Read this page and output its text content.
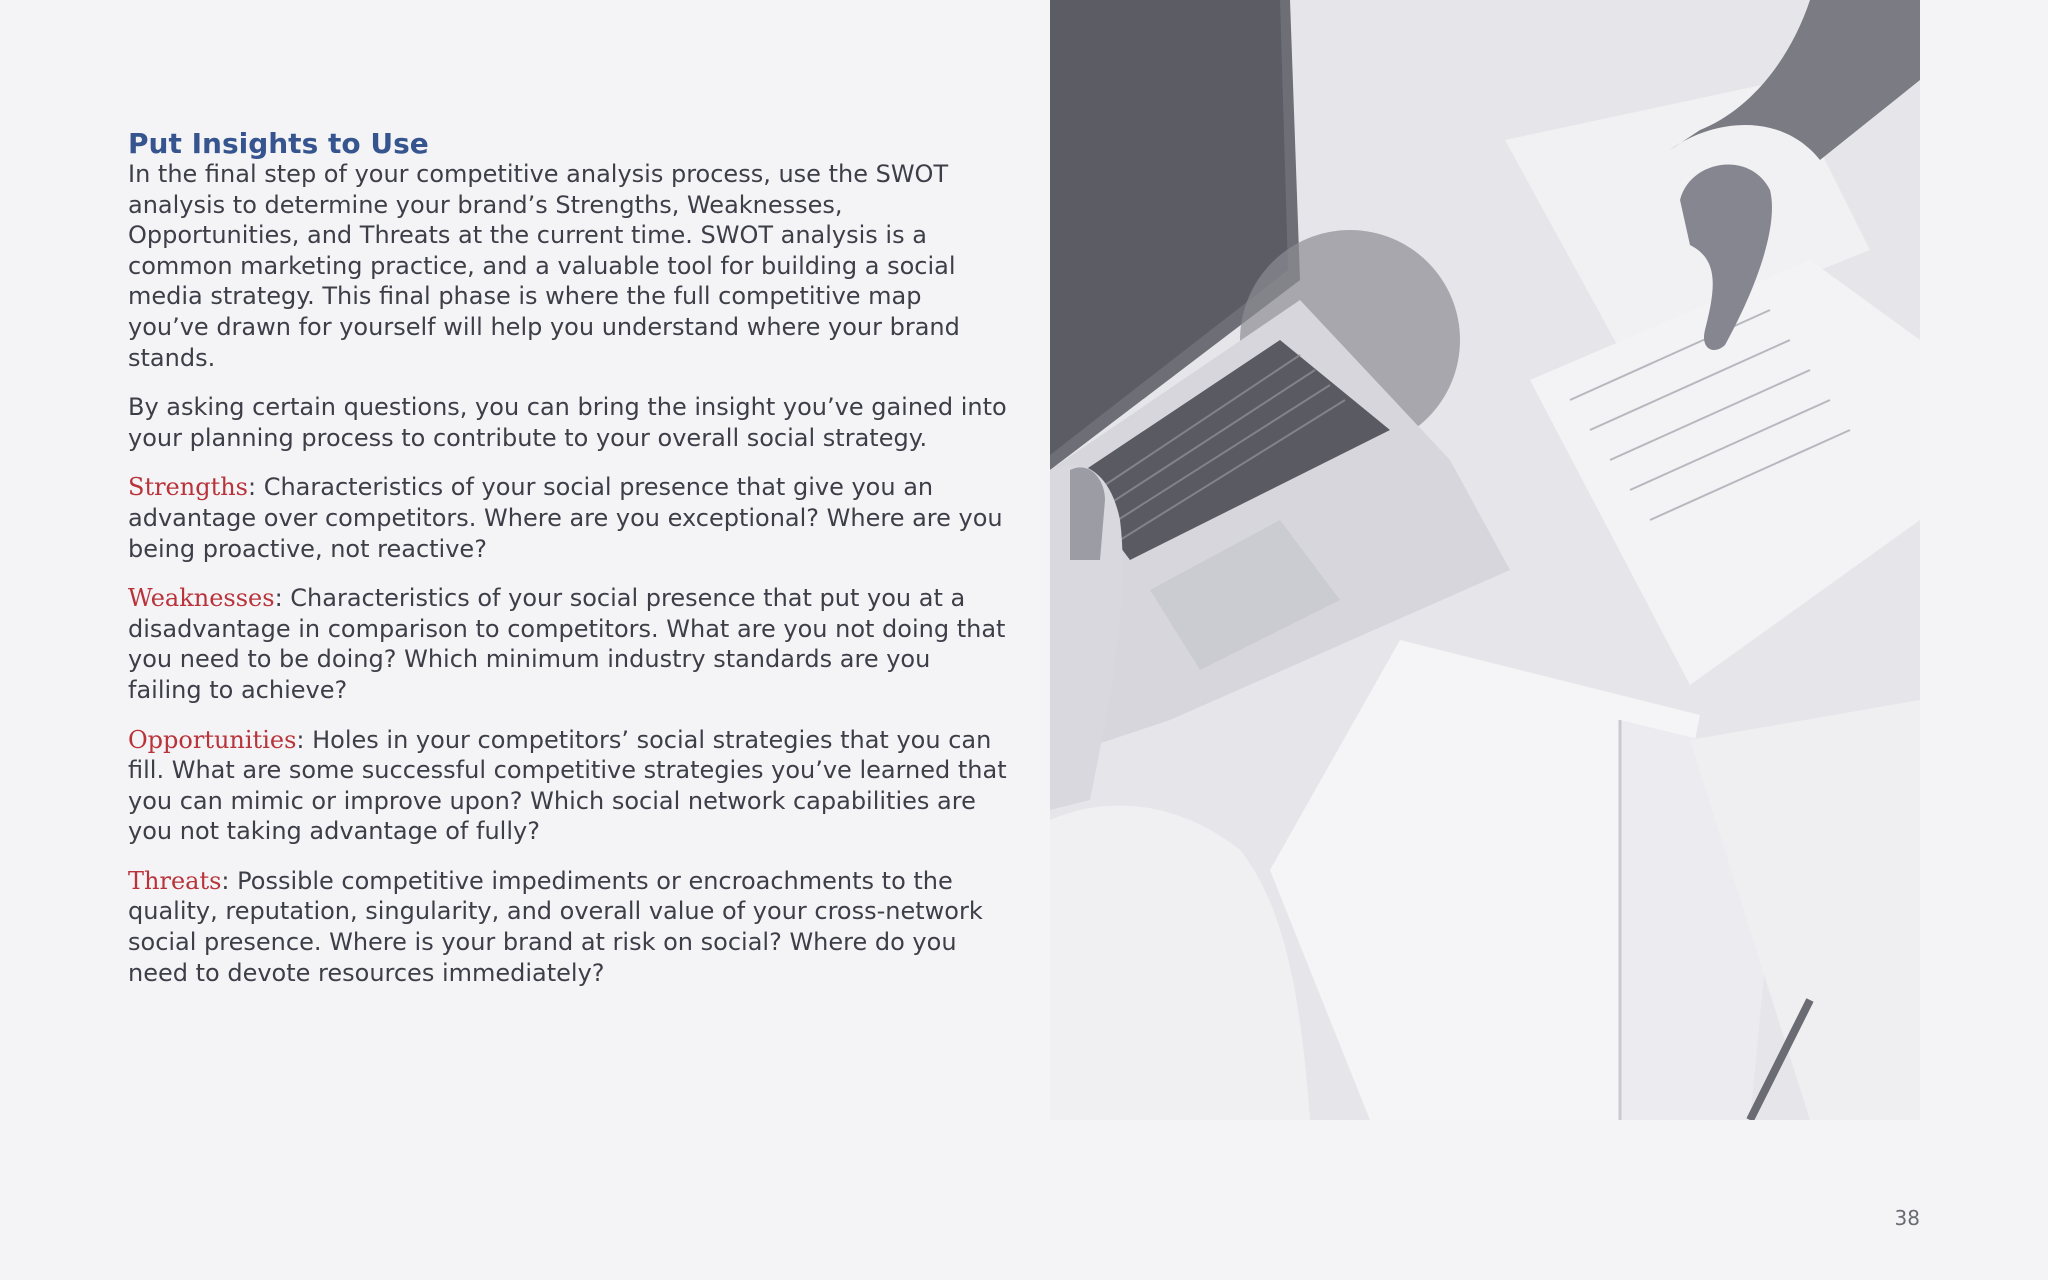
Put Insights to Use

In the final step of your competitive analysis process, use the SWOT analysis to determine your brand’s Strengths, Weaknesses, Opportunities, and Threats at the current time. SWOT analysis is a common marketing practice, and a valuable tool for building a social media strategy. This final phase is where the full competitive map you’ve drawn for yourself will help you understand where your brand stands.

By asking certain questions, you can bring the insight you’ve gained into your planning process to contribute to your overall social strategy.

Strengths: Characteristics of your social presence that give you an advantage over competitors. Where are you exceptional? Where are you being proactive, not reactive?

Weaknesses: Characteristics of your social presence that put you at a disadvantage in comparison to competitors. What are you not doing that you need to be doing? Which minimum industry standards are you failing to achieve?

Opportunities: Holes in your competitors’ social strategies that you can fill. What are some successful competitive strategies you’ve learned that you can mimic or improve upon? Which social network capabilities are you not taking advantage of fully?

Threats: Possible competitive impediments or encroachments to the quality, reputation, singularity, and overall value of your cross-network social presence. Where is your brand at risk on social? Where do you need to devote resources immediately?

38
